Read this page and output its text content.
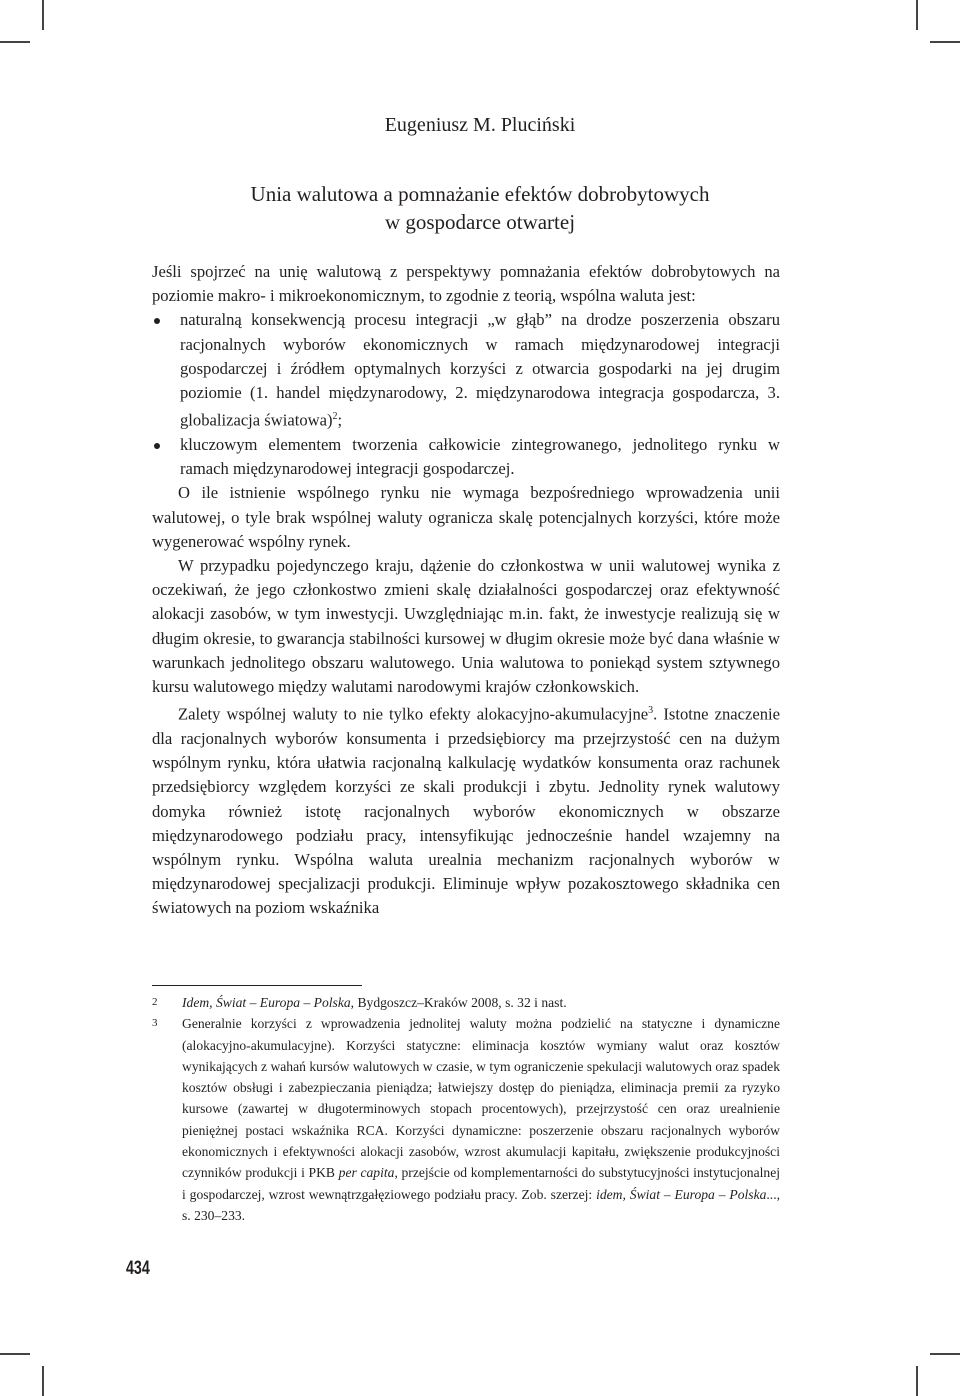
Eugeniusz M. Pluciński
Unia walutowa a pomnażanie efektów dobrobytowych
w gospodarce otwartej

Jeśli spojrzeć na unię walutową z perspektywy pomnażania efektów dobrobytowych na poziomie makro- i mikroekonomicznym, to zgodnie z teorią, wspólna waluta jest:

naturalną konsekwencją procesu integracji „w głąb” na drodze poszerzenia obszaru racjonalnych wyborów ekonomicznych w ramach międzynarodowej integracji gospodarczej i źródłem optymalnych korzyści z otwarcia gospodarki na jej drugim poziomie (1. handel międzynarodowy, 2. międzynarodowa integracja gospodarcza, 3. globalizacja światowa)$^2$;
kluczowym elementem tworzenia całkowicie zintegrowanego, jednolitego rynku w ramach międzynarodowej integracji gospodarczej.

O ile istnienie wspólnego rynku nie wymaga bezpośredniego wprowadzenia unii walutowej, o tyle brak wspólnej waluty ogranicza skalę potencjalnych korzyści, które może wygenerować wspólny rynek.

W przypadku pojedynczego kraju, dążenie do członkostwa w unii walutowej wynika z oczekiwań, że jego członkostwo zmieni skalę działalności gospodarczej oraz efektywność alokacji zasobów, w tym inwestycji. Uwzględniając m.in. fakt, że inwestycje realizują się w długim okresie, to gwarancja stabilności kursowej w długim okresie może być dana właśnie w warunkach jednolitego obszaru walutowego. Unia walutowa to poniekąd system sztywnego kursu walutowego między walutami narodowymi krajów członkowskich.

Zalety wspólnej waluty to nie tylko efekty alokacyjno-akumulacyjne$^3$. Istotne znaczenie dla racjonalnych wyborów konsumenta i przedsiębiorcy ma przejrzystość cen na dużym wspólnym rynku, która ułatwia racjonalną kalkulację wydatków konsumenta oraz rachunek przedsiębiorcy względem korzyści ze skali produkcji i zbytu. Jednolity rynek walutowy domyka również istotę racjonalnych wyborów ekonomicznych w obszarze międzynarodowego podziału pracy, intensyfikując jednocześnie handel wzajemny na wspólnym rynku. Wspólna waluta urealnia mechanizm racjonalnych wyborów w międzynarodowej specjalizacji produkcji. Eliminuje wpływ pozakosztowego składnika cen światowych na poziom wskaźnika

2	Idem, Świat – Europa – Polska, Bydgoszcz–Kraków 2008, s. 32 i nast.
3	Generalnie korzyści z wprowadzenia jednolitej waluty można podzielić na statyczne i dynamiczne (alokacyjno-akumulacyjne). Korzyści statyczne: eliminacja kosztów wymiany walut oraz kosztów wynikających z wahań kursów walutowych w czasie, w tym ograniczenie spekulacji walutowych oraz spadek kosztów obsługi i zabezpieczania pieniądza; łatwiejszy dostęp do pieniądza, eliminacja premii za ryzyko kursowe (zawartej w długoterminowych stopach procentowych), przejrzystość cen oraz urealnienie pieniężnej postaci wskaźnika RCA. Korzyści dynamiczne: poszerzenie obszaru racjonalnych wyborów ekonomicznych i efektywności alokacji zasobów, wzrost akumulacji kapitału, zwiększenie produkcyjności czynników produkcji i PKB per capita, przejście od komplementarności do substytucyjności instytucjonalnej i gospodarczej, wzrost wewnątrzgałęziowego podziału pracy. Zob. szerzej: idem, Świat – Europa – Polska..., s. 230–233.
434
